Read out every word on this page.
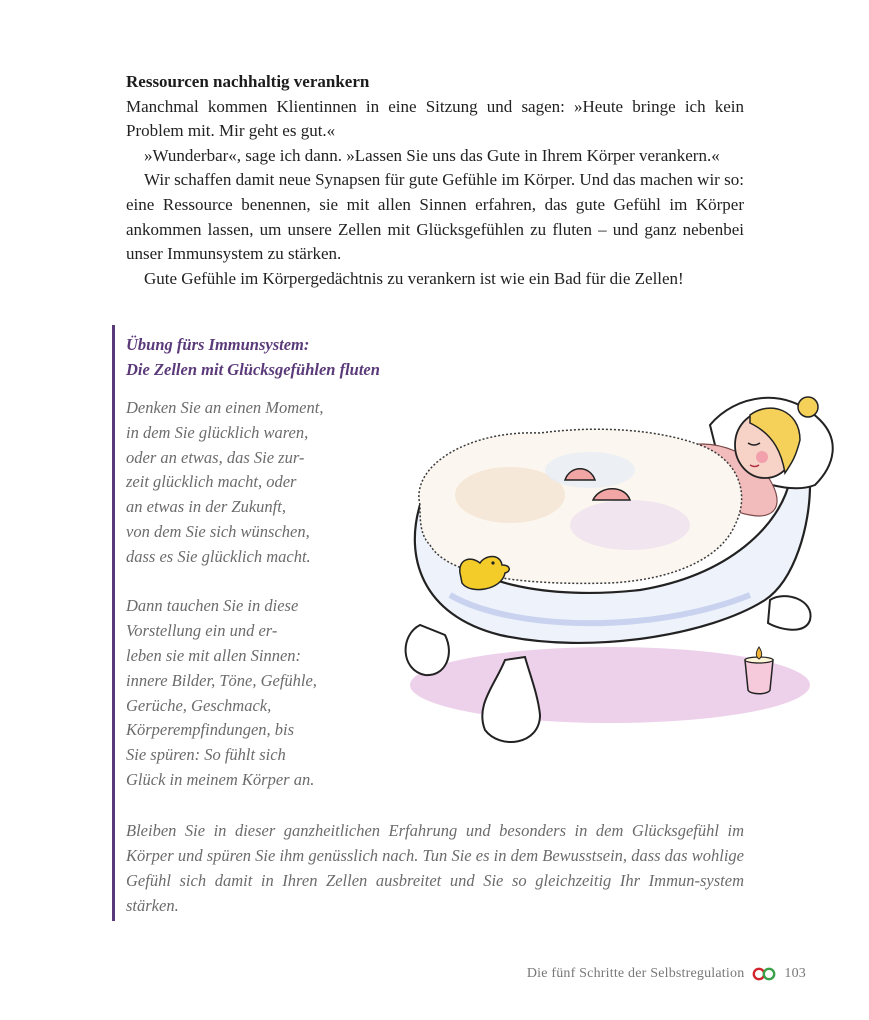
Ressourcen nachhaltig verankern

Manchmal kommen Klientinnen in eine Sitzung und sagen: »Heute bringe ich kein Problem mit. Mir geht es gut.«

»Wunderbar«, sage ich dann. »Lassen Sie uns das Gute in Ihrem Körper verankern.«

Wir schaffen damit neue Synapsen für gute Gefühle im Körper. Und das machen wir so: eine Ressource benennen, sie mit allen Sinnen erfahren, das gute Gefühl im Körper ankommen lassen, um unsere Zellen mit Glücksgefühlen zu fluten – und ganz nebenbei unser Immunsystem zu stärken.

Gute Gefühle im Körpergedächtnis zu verankern ist wie ein Bad für die Zellen!

Übung fürs Immunsystem:
Die Zellen mit Glücksgefühlen fluten
Denken Sie an einen Moment,
in dem Sie glücklich waren,
oder an etwas, das Sie zur-
zeit glücklich macht, oder
an etwas in der Zukunft,
von dem Sie sich wünschen,
dass es Sie glücklich macht.
Dann tauchen Sie in diese
Vorstellung ein und er-
leben sie mit allen Sinnen:
innere Bilder, Töne, Gefühle,
Gerüche, Geschmack,
Körperempfindungen, bis
Sie spüren: So fühlt sich
Glück in meinem Körper an.
Bleiben Sie in dieser ganzheitlichen Erfahrung und besonders in dem Glücksgefühl im Körper und spüren Sie ihm genüsslich nach. Tun Sie es in dem Bewusstsein, dass das wohlige Gefühl sich damit in Ihren Zellen ausbreitet und Sie so gleichzeitig Ihr Immun-system stärken.
Die fünf Schritte der Selbstregulation	103
